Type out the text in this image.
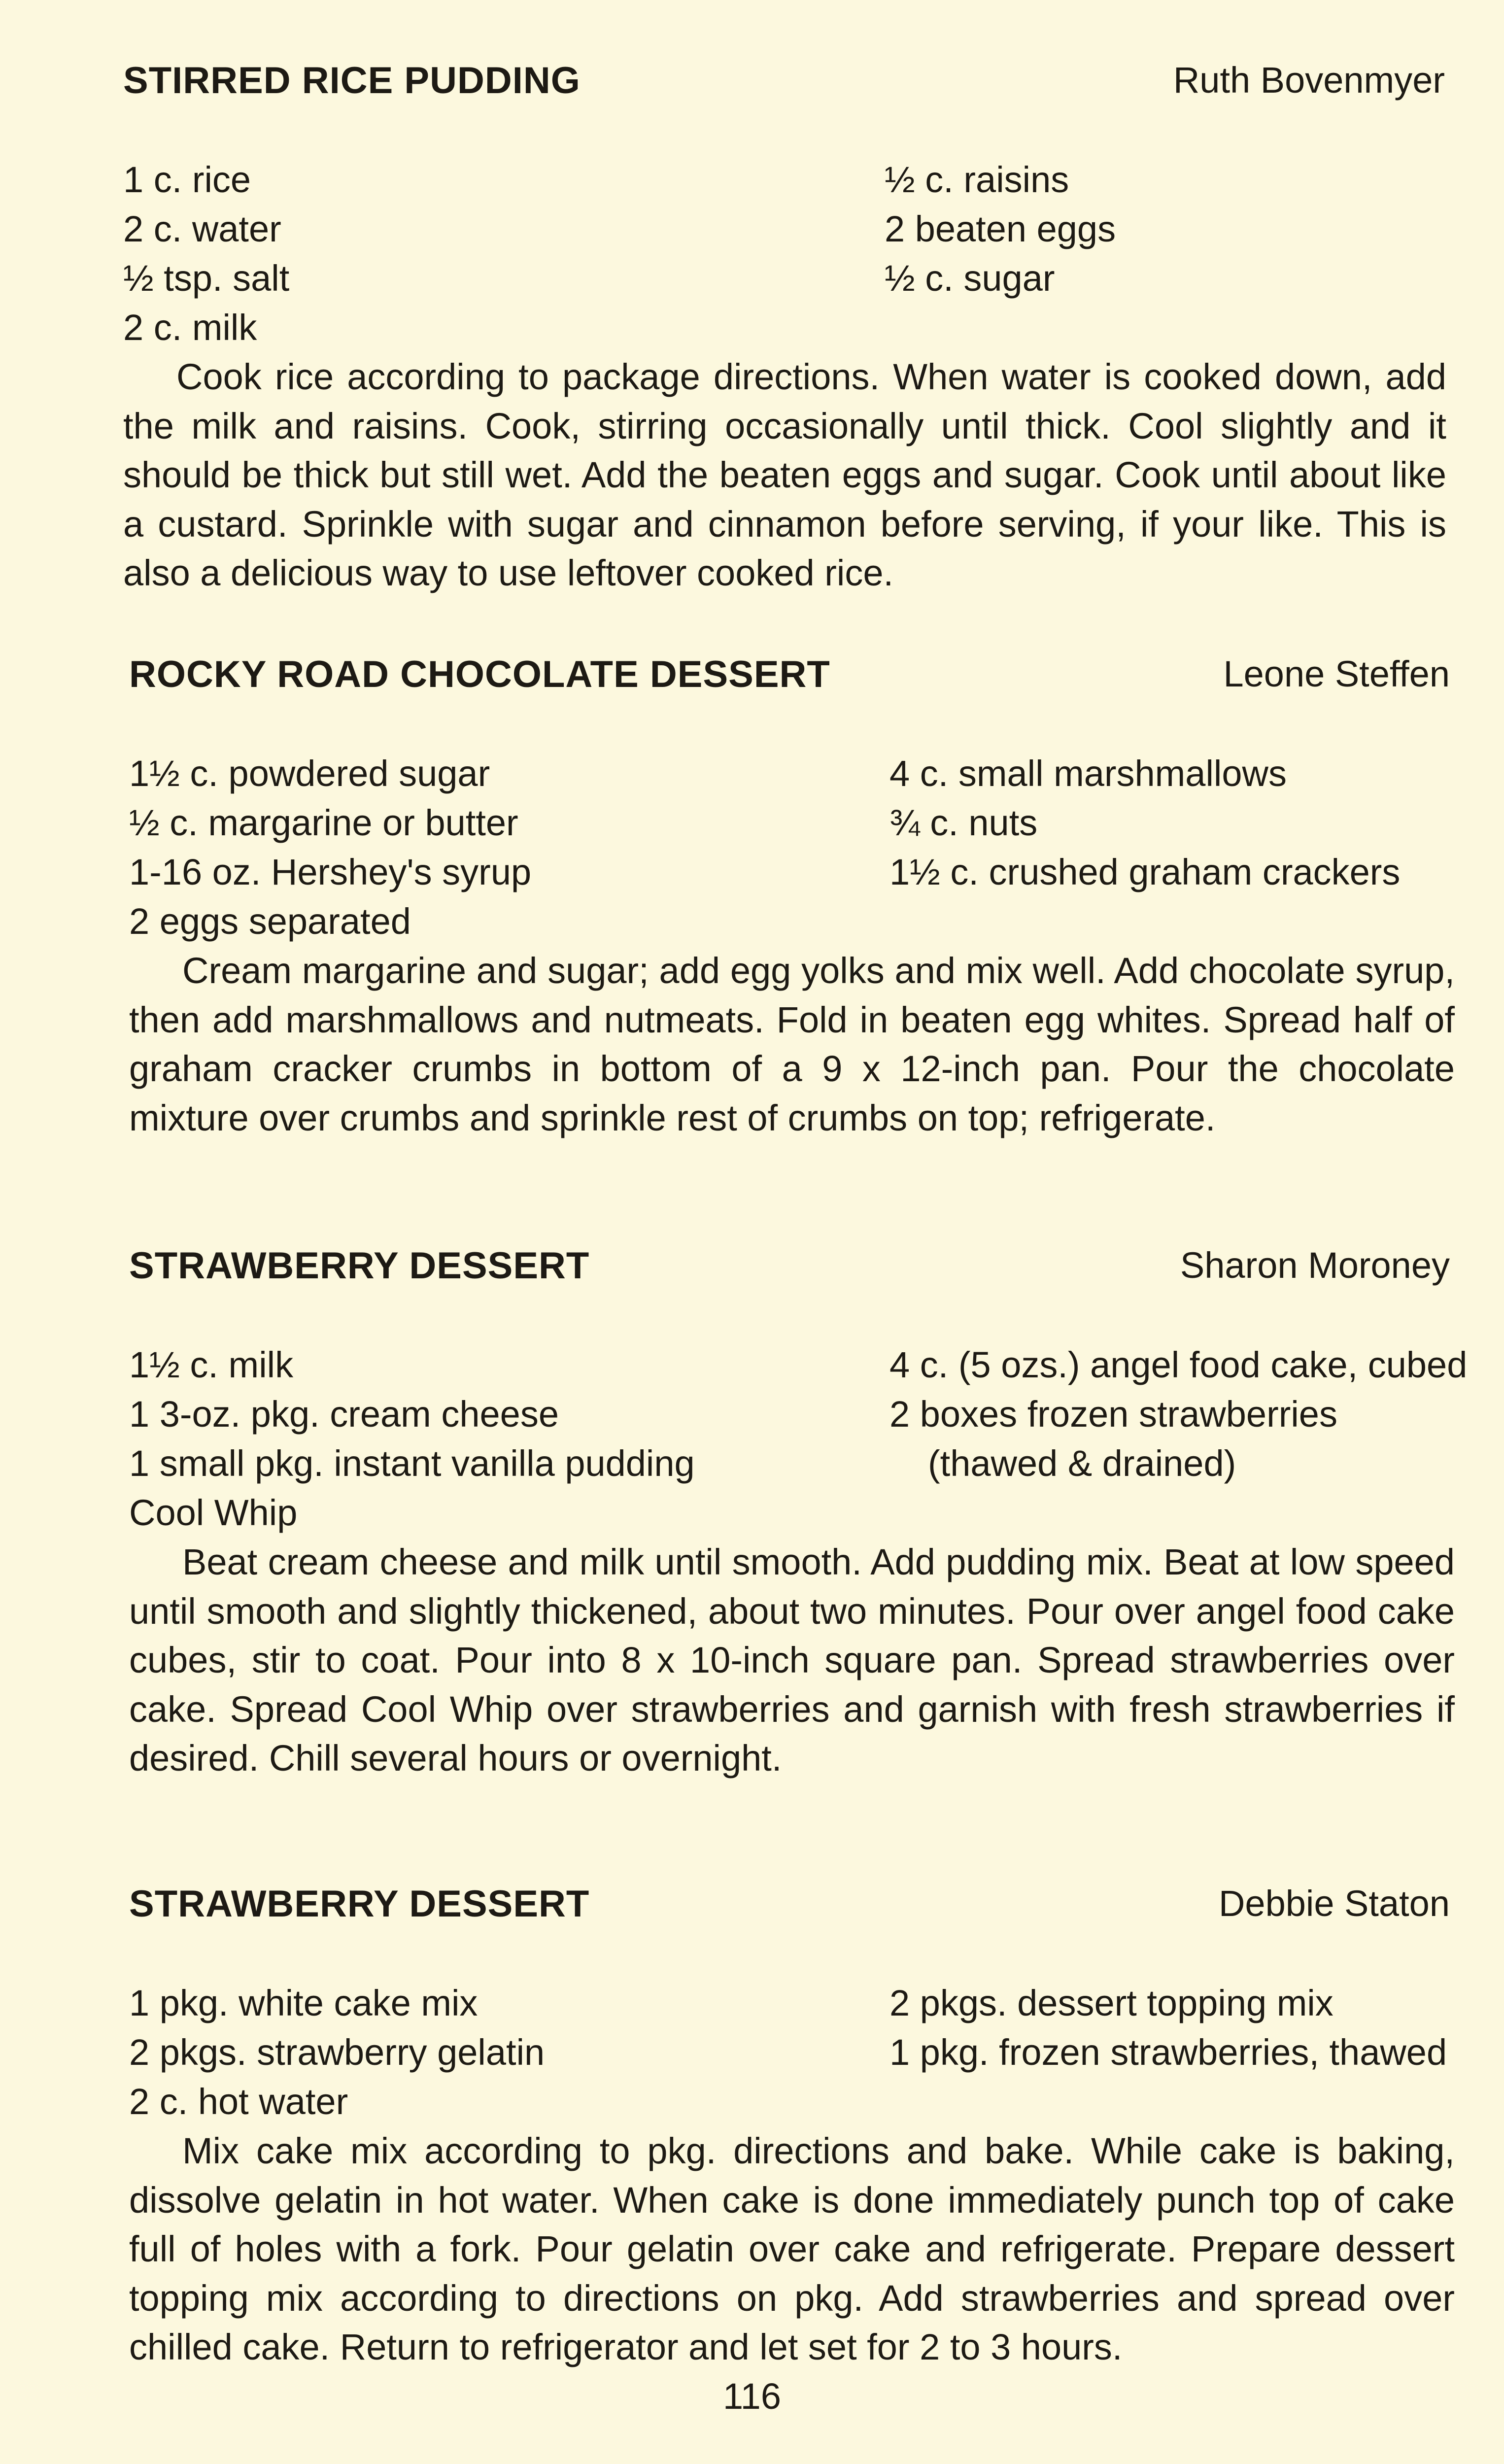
STIRRED RICE PUDDING	Ruth Bovenmyer
1 c. rice
2 c. water
½ tsp. salt
2 c. milk
½ c. raisins
2 beaten eggs
½ c. sugar

Cook rice according to package directions. When water is cooked down, add the milk and raisins. Cook, stirring occasionally until thick. Cool slightly and it should be thick but still wet. Add the beaten eggs and sugar. Cook until about like a custard. Sprinkle with sugar and cinnamon before serving, if your like. This is also a delicious way to use leftover cooked rice.

ROCKY ROAD CHOCOLATE DESSERT	Leone Steffen
1½ c. powdered sugar
½ c. margarine or butter
1-16 oz. Hershey's syrup
2 eggs separated
4 c. small marshmallows
¾ c. nuts
1½ c. crushed graham crackers

Cream margarine and sugar; add egg yolks and mix well. Add chocolate syrup, then add marshmallows and nutmeats. Fold in beaten egg whites. Spread half of graham cracker crumbs in bottom of a 9 x 12-inch pan. Pour the chocolate mixture over crumbs and sprinkle rest of crumbs on top; refrigerate.

STRAWBERRY DESSERT	Sharon Moroney
1½ c. milk
1 3-oz. pkg. cream cheese
1 small pkg. instant vanilla pudding
Cool Whip
4 c. (5 ozs.) angel food cake, cubed
2 boxes frozen strawberries
(thawed & drained)

Beat cream cheese and milk until smooth. Add pudding mix. Beat at low speed until smooth and slightly thickened, about two minutes. Pour over angel food cake cubes, stir to coat. Pour into 8 x 10-inch square pan. Spread strawberries over cake. Spread Cool Whip over strawberries and garnish with fresh strawberries if desired. Chill several hours or overnight.

STRAWBERRY DESSERT	Debbie Staton
1 pkg. white cake mix
2 pkgs. strawberry gelatin
2 c. hot water
2 pkgs. dessert topping mix
1 pkg. frozen strawberries, thawed

Mix cake mix according to pkg. directions and bake. While cake is baking, dissolve gelatin in hot water. When cake is done immediately punch top of cake full of holes with a fork. Pour gelatin over cake and refrigerate. Prepare dessert topping mix according to directions on pkg. Add strawberries and spread over chilled cake. Return to refrigerator and let set for 2 to 3 hours.

116
